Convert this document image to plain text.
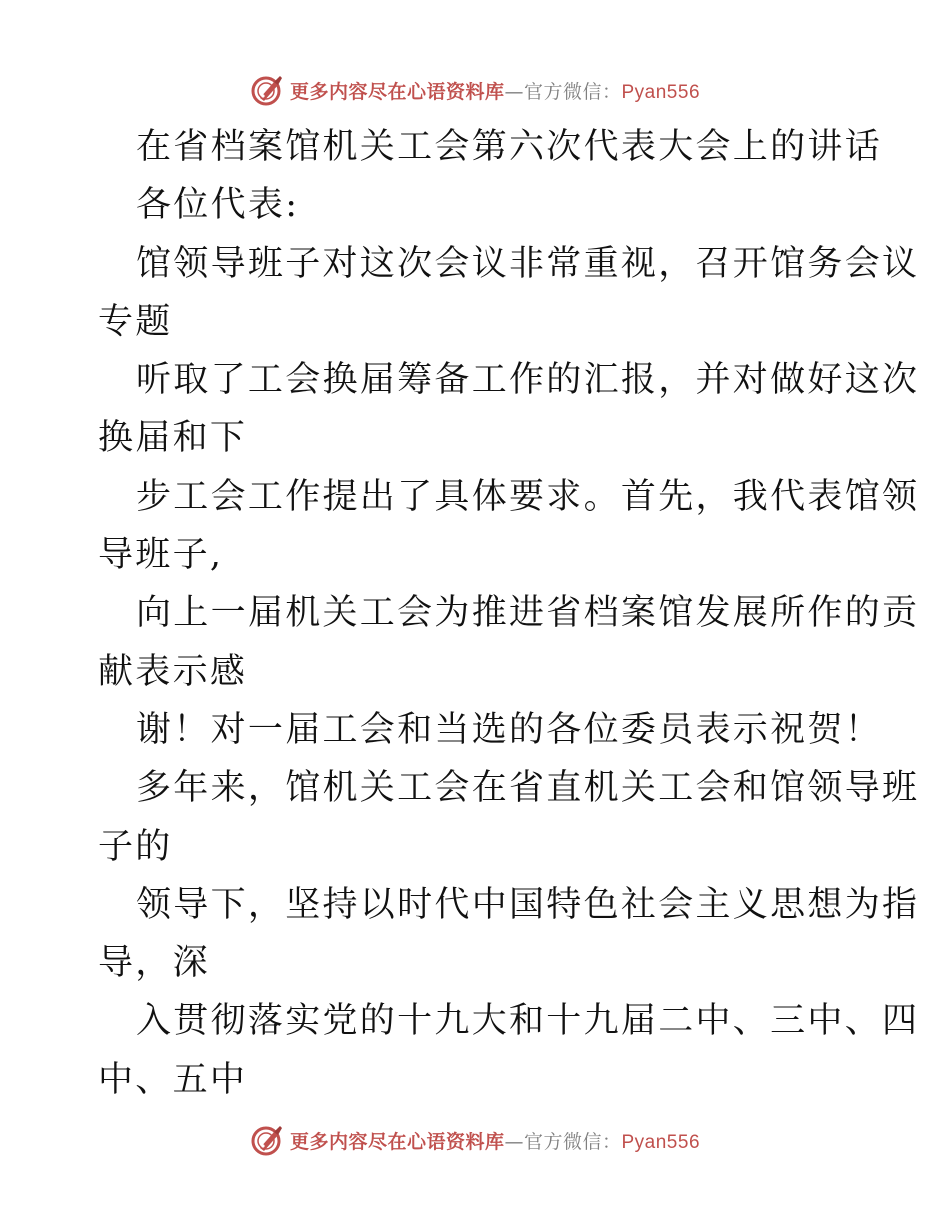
更多内容尽在心语资料库—官方微信：Pyan556
在省档案馆机关工会第六次代表大会上的讲话
各位代表:
馆领导班子对这次会议非常重视，召开馆务会议
专题
听取了工会换届筹备工作的汇报，并对做好这次
换届和下
步工会工作提出了具体要求。首先，我代表馆领
导班子,
向上一届机关工会为推进省档案馆发展所作的贡
献表示感
谢！对一届工会和当选的各位委员表示祝贺！
多年来，馆机关工会在省直机关工会和馆领导班
子的
领导下，坚持以时代中国特色社会主义思想为指
导，深
入贯彻落实党的十九大和十九届二中、三中、四
中、五中
更多内容尽在心语资料库—官方微信：Pyan556
